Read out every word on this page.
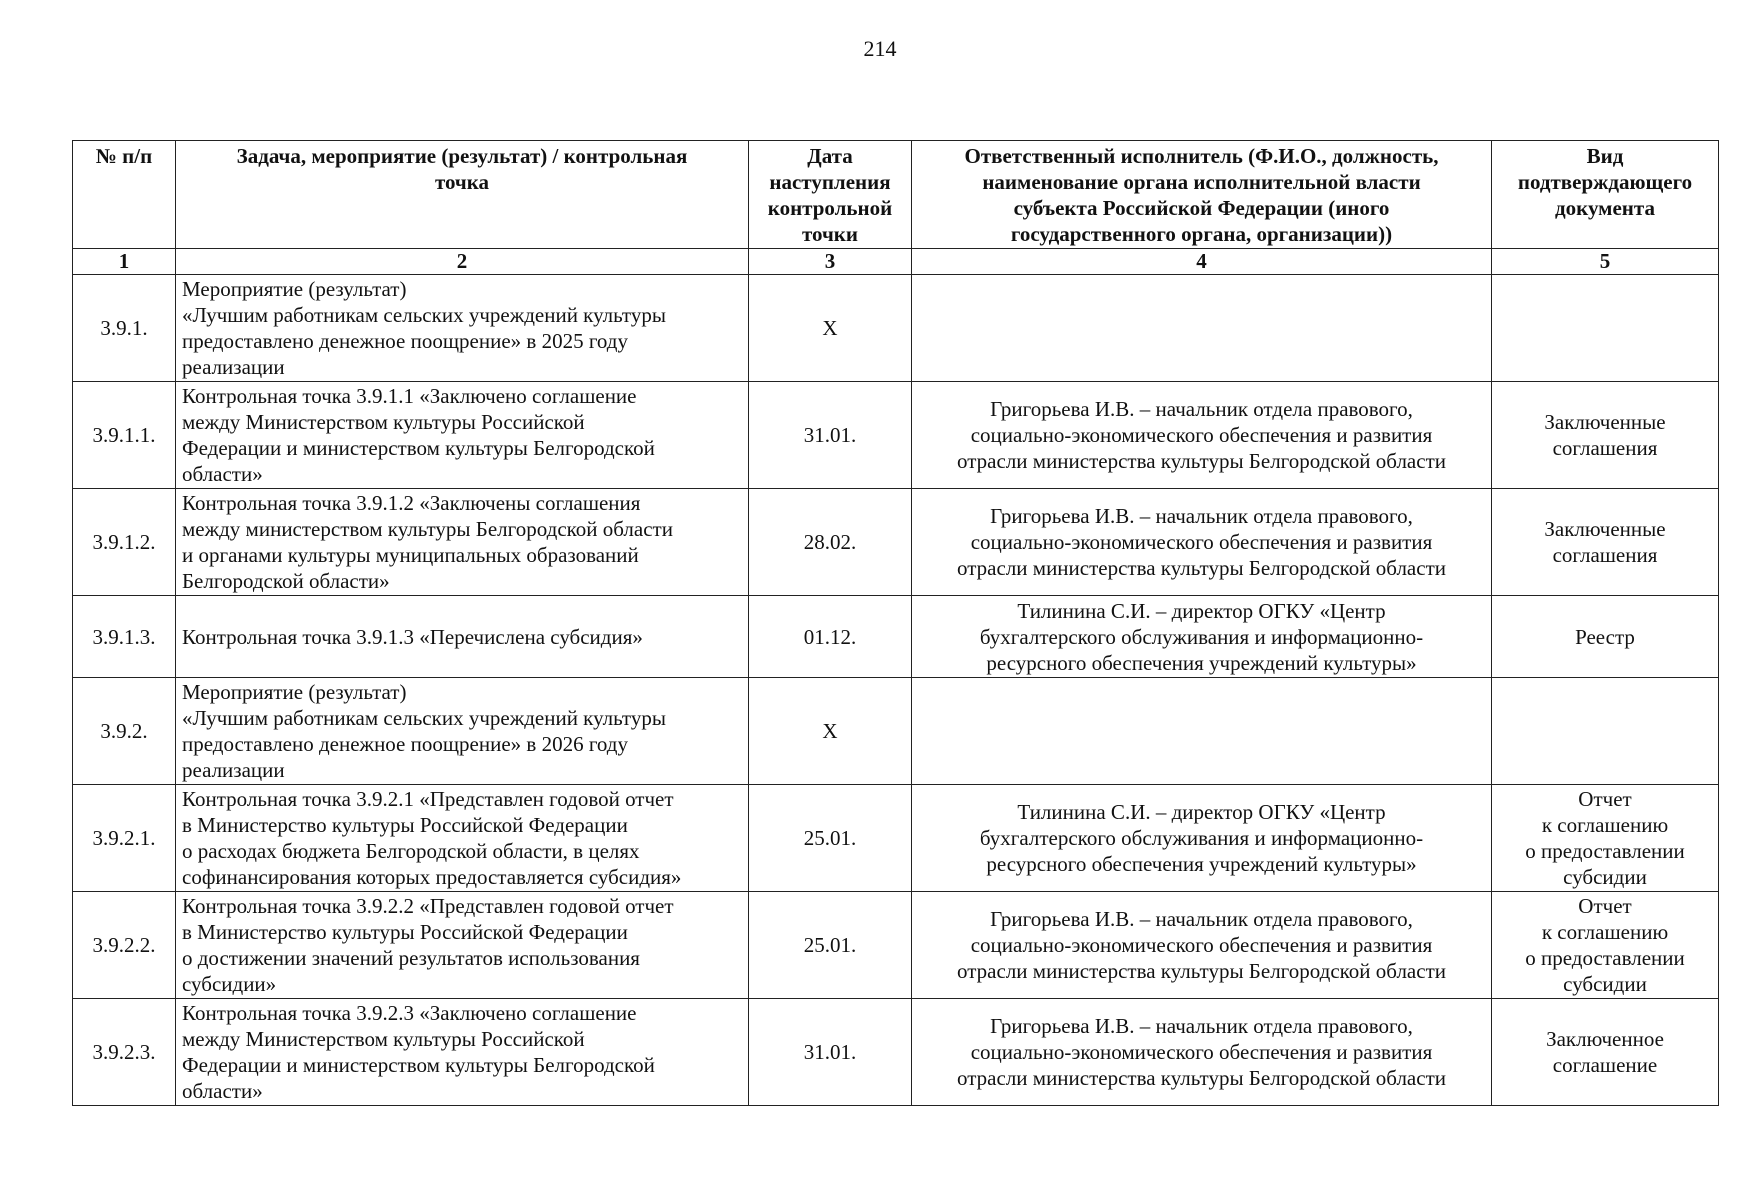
214
№ п/п	Задача, мероприятие (результат) / контрольная
точка	Дата
наступления
контрольной
точки	Ответственный исполнитель (Ф.И.О., должность,
наименование органа исполнительной власти
субъекта Российской Федерации (иного
государственного органа, организации))	Вид
подтверждающего
документа

1	2	3	4	5
3.9.1.	Мероприятие (результат)
«Лучшим работникам сельских учреждений культуры
предоставлено денежное поощрение» в 2025 году
реализации	Х		
3.9.1.1.	Контрольная точка 3.9.1.1 «Заключено соглашение
между Министерством культуры Российской
Федерации и министерством культуры Белгородской
области»	31.01.	Григорьева И.В. – начальник отдела правового,
социально-экономического обеспечения и развития
отрасли министерства культуры Белгородской области	Заключенные
соглашения

3.9.1.2.	Контрольная точка 3.9.1.2 «Заключены соглашения
между министерством культуры Белгородской области
и органами культуры муниципальных образований
Белгородской области»	28.02.	Григорьева И.В. – начальник отдела правового,
социально-экономического обеспечения и развития
отрасли министерства культуры Белгородской области	Заключенные
соглашения

3.9.1.3.	Контрольная точка 3.9.1.3 «Перечислена субсидия»	01.12.	Тилинина С.И. – директор ОГКУ «Центр
бухгалтерского обслуживания и информационно-
ресурсного обеспечения учреждений культуры»	Реестр

3.9.2.	Мероприятие (результат)
«Лучшим работникам сельских учреждений культуры
предоставлено денежное поощрение» в 2026 году
реализации	Х		
3.9.2.1.	Контрольная точка 3.9.2.1 «Представлен годовой отчет
в Министерство культуры Российской Федерации
о расходах бюджета Белгородской области, в целях
софинансирования которых предоставляется субсидия»	25.01.	Тилинина С.И. – директор ОГКУ «Центр
бухгалтерского обслуживания и информационно-
ресурсного обеспечения учреждений культуры»	Отчет
к соглашению
о предоставлении
субсидии

3.9.2.2.	Контрольная точка 3.9.2.2 «Представлен годовой отчет
в Министерство культуры Российской Федерации
о достижении значений результатов использования
субсидии»	25.01.	Григорьева И.В. – начальник отдела правового,
социально-экономического обеспечения и развития
отрасли министерства культуры Белгородской области	Отчет
к соглашению
о предоставлении
субсидии

3.9.2.3.	Контрольная точка 3.9.2.3 «Заключено соглашение
между Министерством культуры Российской
Федерации и министерством культуры Белгородской
области»	31.01.	Григорьева И.В. – начальник отдела правового,
социально-экономического обеспечения и развития
отрасли министерства культуры Белгородской области	Заключенное
соглашение
